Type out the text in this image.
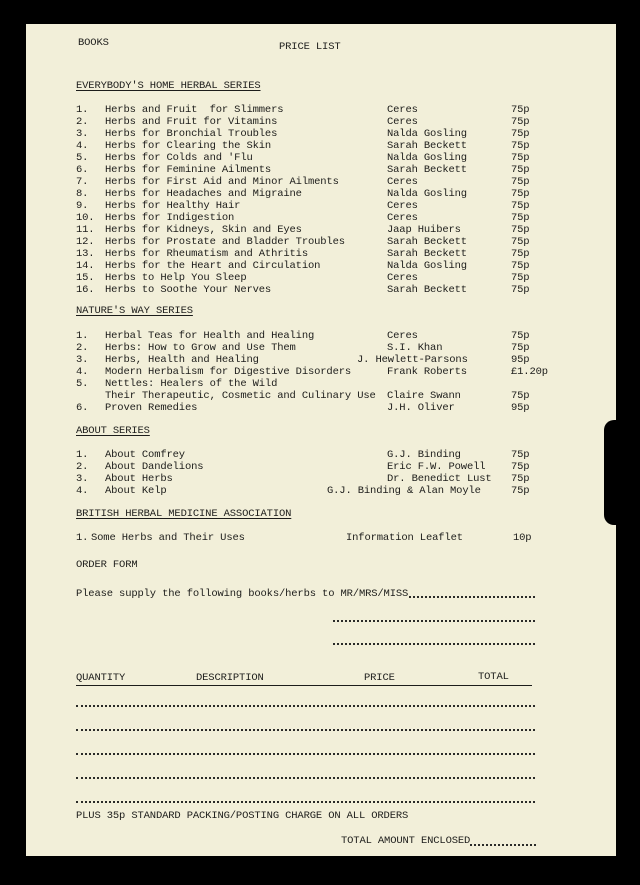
BOOKS	PRICE LIST
EVERYBODY'S HOME HERBAL SERIES
1. Herbs and Fruit  for Slimmers	Ceres	75p
2. Herbs and Fruit for Vitamins	Ceres	75p
3. Herbs for Bronchial Troubles	Nalda Gosling	75p
4. Herbs for Clearing the Skin	Sarah Beckett	75p
5. Herbs for Colds and 'Flu	Nalda Gosling	75p
6. Herbs for Feminine Ailments	Sarah Beckett	75p
7. Herbs for First Aid and Minor Ailments	Ceres	75p
8. Herbs for Headaches and Migraine	Nalda Gosling	75p
9. Herbs for Healthy Hair	Ceres	75p
10. Herbs for Indigestion	Ceres	75p
11. Herbs for Kidneys, Skin and Eyes	Jaap Huibers	75p
12. Herbs for Prostate and Bladder Troubles	Sarah Beckett	75p
13. Herbs for Rheumatism and Athritis	Sarah Beckett	75p
14. Herbs for the Heart and Circulation	Nalda Gosling	75p
15. Herbs to Help You Sleep	Ceres	75p
16. Herbs to Soothe Your Nerves	Sarah Beckett	75p
NATURE'S WAY SERIES
1. Herbal Teas for Health and Healing	Ceres	75p
2. Herbs: How to Grow and Use Them	S.I. Khan	75p
3. Herbs, Health and Healing	J. Hewlett-Parsons	95p
4. Modern Herbalism for Digestive Disorders	Frank Roberts	£1.20p
5. Nettles: Healers of the Wild
Their Therapeutic, Cosmetic and Culinary Use Claire Swann	75p
6. Proven Remedies	J.H. Oliver	95p
ABOUT SERIES
1. About Comfrey	G.J. Binding	75p
2. About Dandelions	Eric F.W. Powell 75p
3. About Herbs	Dr. Benedict Lust 75p
4. About Kelp	G.J. Binding & Alan Moyle	75p
BRITISH HERBAL MEDICINE ASSOCIATION
1. Some Herbs and Their Uses	Information Leaflet	10p
ORDER FORM
Please supply the following books/herbs to MR/MRS/MISS
QUANTITY	DESCRIPTION	PRICE	TOTAL
PLUS 35p STANDARD PACKING/POSTING CHARGE ON ALL ORDERS
TOTAL AMOUNT ENCLOSED
